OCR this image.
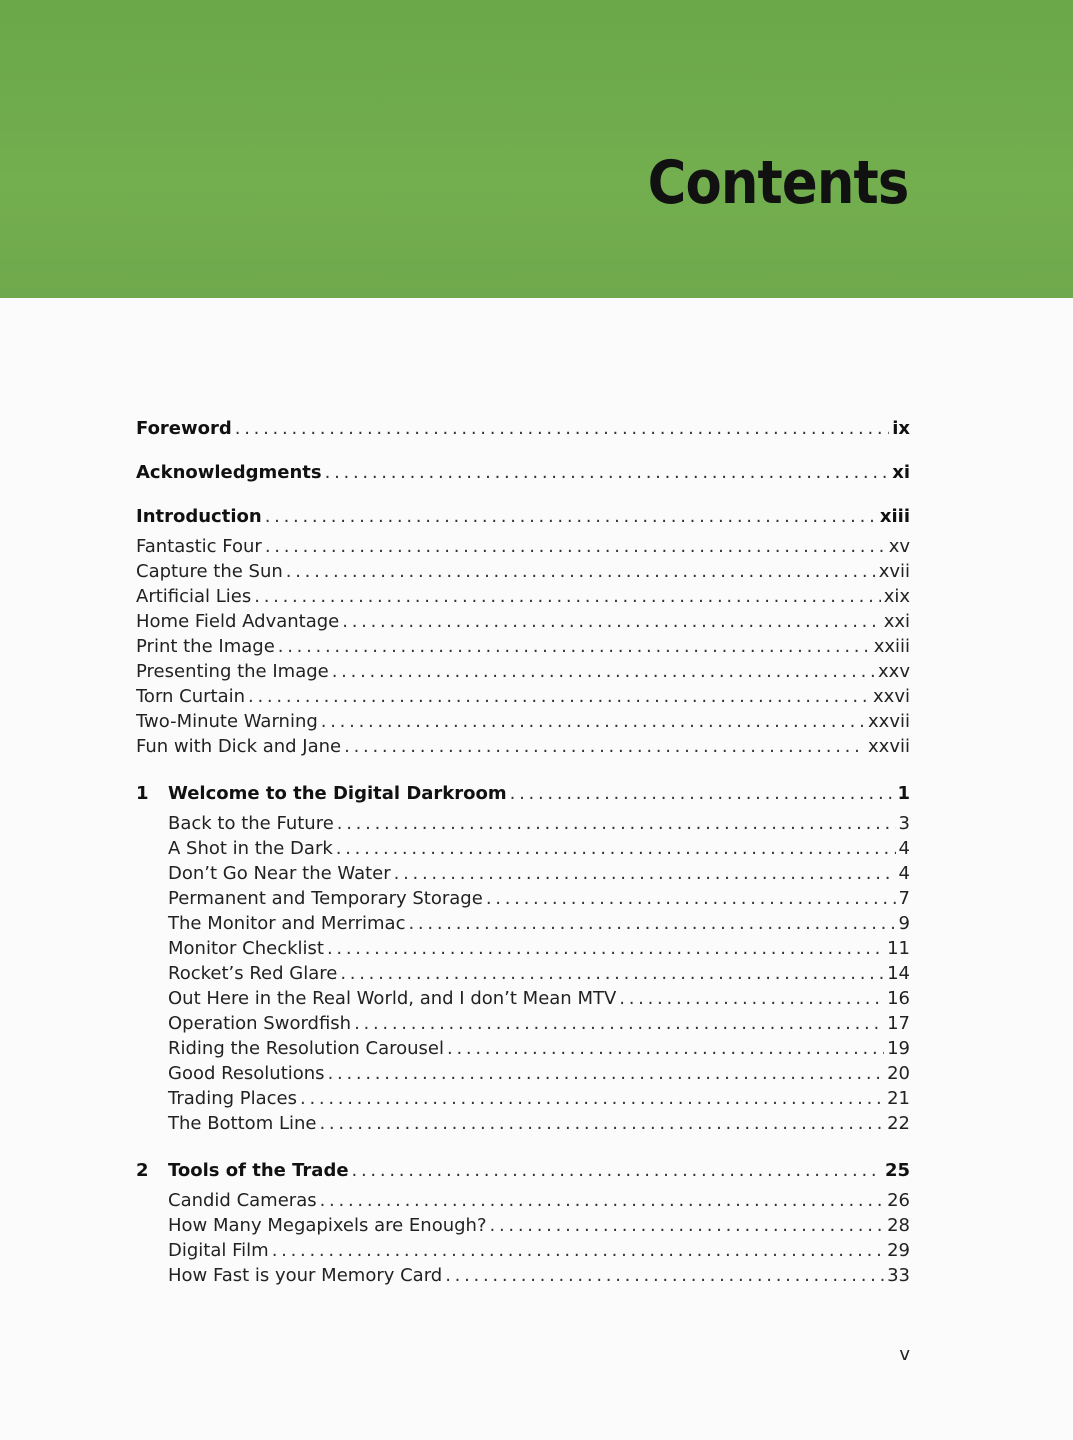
Contents
Foreword . . .	ix
Acknowledgments . . .	xi
Introduction . . .	xiii
Fantastic Four . . .	xv
Capture the Sun . . .	xvii
Artificial Lies . . .	xix
Home Field Advantage . . .	xxi
Print the Image . . .	xxiii
Presenting the Image . . .	xxv
Torn Curtain . . .	xxvi
Two-Minute Warning . . .	xxvii
Fun with Dick and Jane . . .	xxvii
1	Welcome to the Digital Darkroom . . .	1
Back to the Future . . .	3
A Shot in the Dark . . .	4
Don’t Go Near the Water . . .	4
Permanent and Temporary Storage . . .	7
The Monitor and Merrimac . . .	9
Monitor Checklist . . .	11
Rocket’s Red Glare . . .	14
Out Here in the Real World, and I don’t Mean MTV . . .	16
Operation Swordfish . . .	17
Riding the Resolution Carousel . . .	19
Good Resolutions . . .	20
Trading Places . . .	21
The Bottom Line . . .	22
2	Tools of the Trade . . .	25
Candid Cameras . . .	26
How Many Megapixels are Enough? . . .	28
Digital Film . . .	29
How Fast is your Memory Card . . .	33
v
